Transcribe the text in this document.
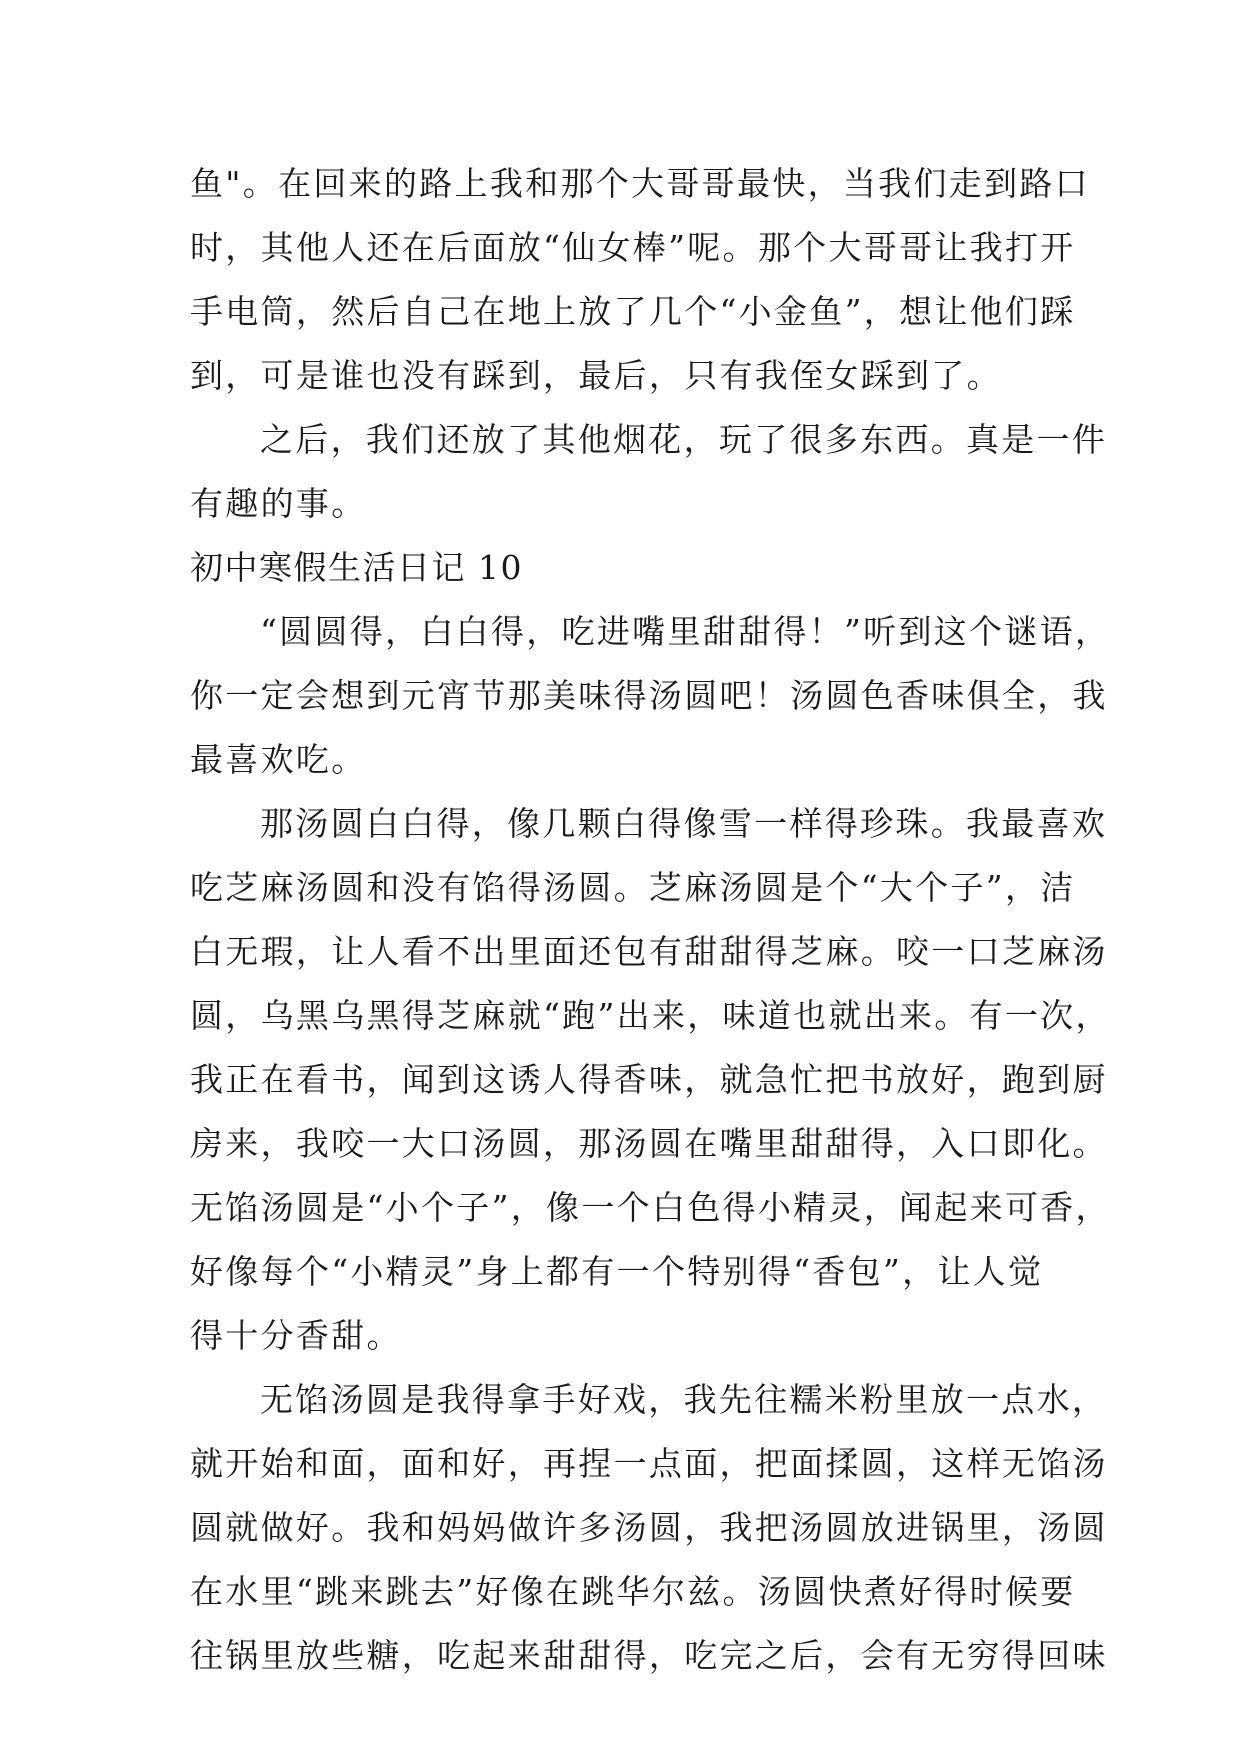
鱼"。在回来的路上我和那个大哥哥最快，当我们走到路口
时，其他人还在后面放“仙女棒”呢。那个大哥哥让我打开
手电筒，然后自己在地上放了几个“小金鱼”，想让他们踩
到，可是谁也没有踩到，最后，只有我侄女踩到了。
之后，我们还放了其他烟花，玩了很多东西。真是一件
有趣的事。
初中寒假生活日记 10
“圆圆得，白白得，吃进嘴里甜甜得！”听到这个谜语，
你一定会想到元宵节那美味得汤圆吧！汤圆色香味俱全，我
最喜欢吃。
那汤圆白白得，像几颗白得像雪一样得珍珠。我最喜欢
吃芝麻汤圆和没有馅得汤圆。芝麻汤圆是个“大个子”，洁
白无瑕，让人看不出里面还包有甜甜得芝麻。咬一口芝麻汤
圆，乌黑乌黑得芝麻就“跑”出来，味道也就出来。有一次，
我正在看书，闻到这诱人得香味，就急忙把书放好，跑到厨
房来，我咬一大口汤圆，那汤圆在嘴里甜甜得，入口即化。
无馅汤圆是“小个子”，像一个白色得小精灵，闻起来可香，
好像每个“小精灵”身上都有一个特别得“香包”，让人觉
得十分香甜。
无馅汤圆是我得拿手好戏，我先往糯米粉里放一点水，
就开始和面，面和好，再捏一点面，把面揉圆，这样无馅汤
圆就做好。我和妈妈做许多汤圆，我把汤圆放进锅里，汤圆
在水里“跳来跳去”好像在跳华尔兹。汤圆快煮好得时候要
往锅里放些糖，吃起来甜甜得，吃完之后，会有无穷得回味
